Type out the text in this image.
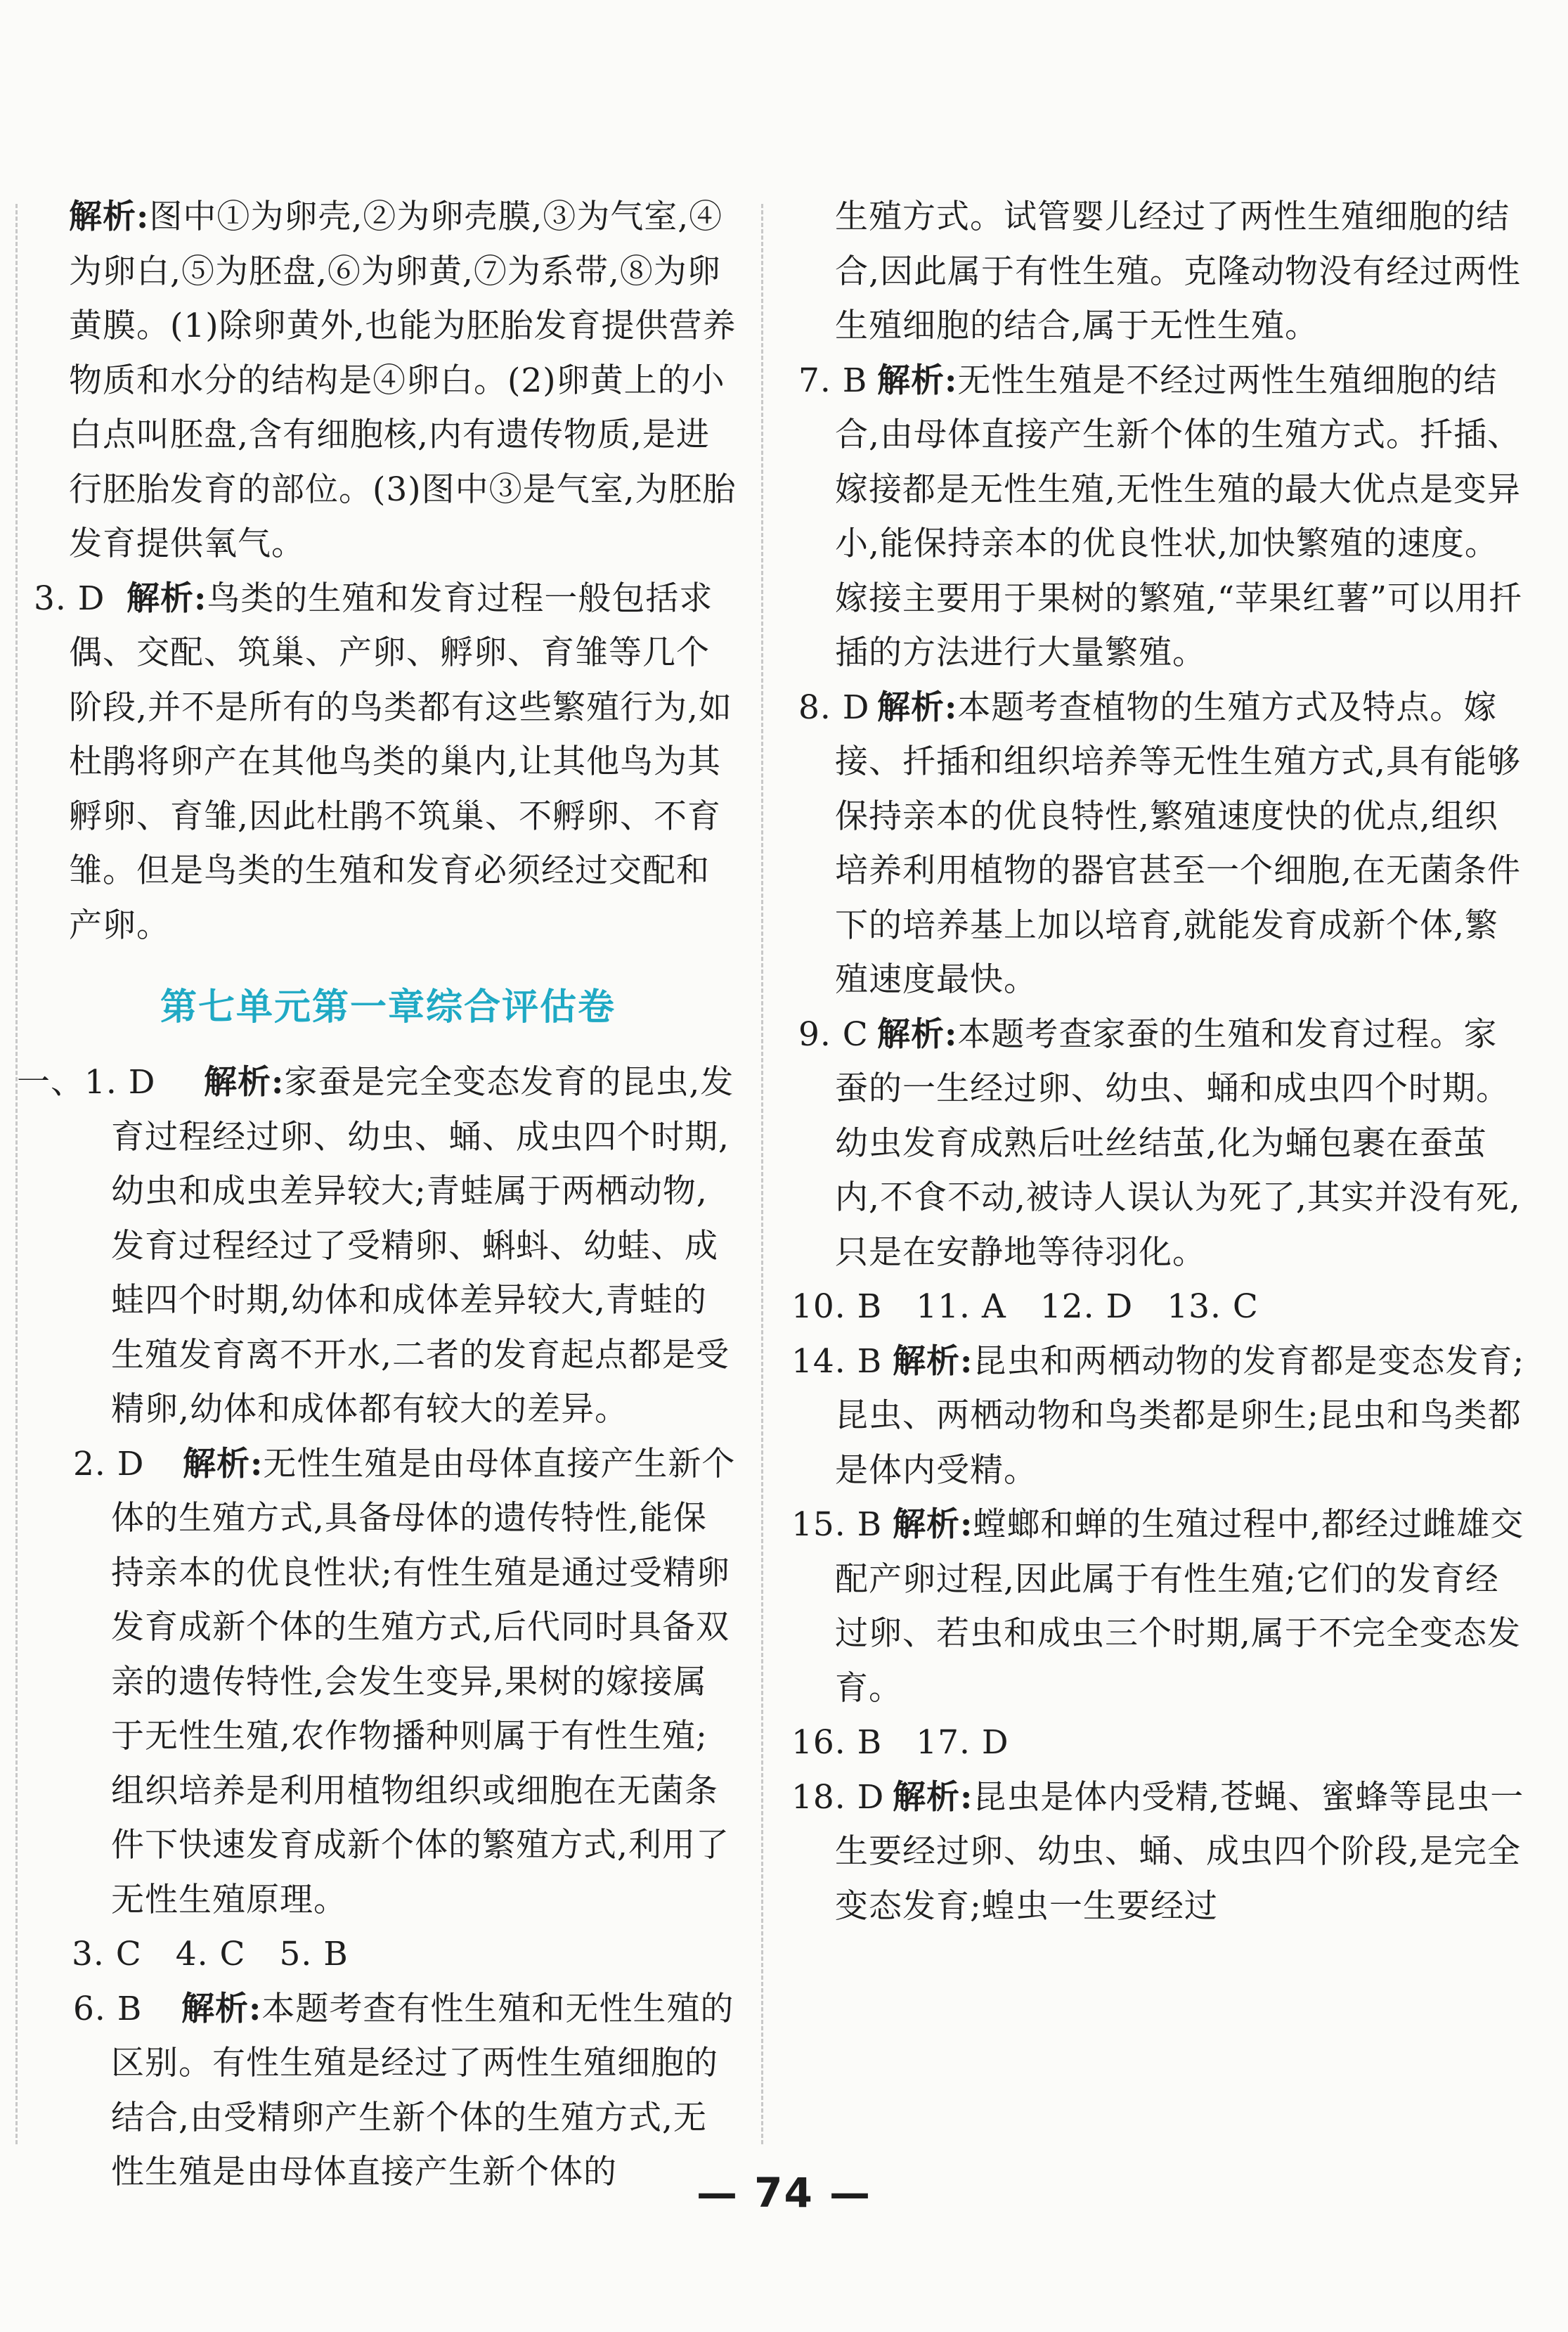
解析:图中①为卵壳,②为卵壳膜,③为气室,④为卵白,⑤为胚盘,⑥为卵黄,⑦为系带,⑧为卵黄膜。(1)除卵黄外,也能为胚胎发育提供营养物质和水分的结构是④卵白。(2)卵黄上的小白点叫胚盘,含有细胞核,内有遗传物质,是进行胚胎发育的部位。(3)图中③是气室,为胚胎发育提供氧气。

3. D 解析:鸟类的生殖和发育过程一般包括求偶、交配、筑巢、产卵、孵卵、育雏等几个阶段,并不是所有的鸟类都有这些繁殖行为,如杜鹃将卵产在其他鸟类的巢内,让其他鸟为其孵卵、育雏,因此杜鹃不筑巢、不孵卵、不育雏。但是鸟类的生殖和发育必须经过交配和产卵。

第七单元第一章综合评估卷
一、1. D	解析:家蚕是完全变态发育的昆虫,发育过程经过卵、幼虫、蛹、成虫四个时期,幼虫和成虫差异较大;青蛙属于两栖动物,发育过程经过了受精卵、蝌蚪、幼蛙、成蛙四个时期,幼体和成体差异较大,青蛙的生殖发育离不开水,二者的发育起点都是受精卵,幼体和成体都有较大的差异。

2. D	解析:无性生殖是由母体直接产生新个体的生殖方式,具备母体的遗传特性,能保持亲本的优良性状;有性生殖是通过受精卵发育成新个体的生殖方式,后代同时具备双亲的遗传特性,会发生变异,果树的嫁接属于无性生殖,农作物播种则属于有性生殖;组织培养是利用植物组织或细胞在无菌条件下快速发育成新个体的繁殖方式,利用了无性生殖原理。

3. C　4. C　5. B

6. B	解析:本题考查有性生殖和无性生殖的区别。有性生殖是经过了两性生殖细胞的结合,由受精卵产生新个体的生殖方式,无性生殖是由母体直接产生新个体的

生殖方式。试管婴儿经过了两性生殖细胞的结合,因此属于有性生殖。克隆动物没有经过两性生殖细胞的结合,属于无性生殖。

7. B 解析:无性生殖是不经过两性生殖细胞的结合,由母体直接产生新个体的生殖方式。扦插、嫁接都是无性生殖,无性生殖的最大优点是变异小,能保持亲本的优良性状,加快繁殖的速度。嫁接主要用于果树的繁殖,“苹果红薯”可以用扦插的方法进行大量繁殖。

8. D 解析:本题考查植物的生殖方式及特点。嫁接、扦插和组织培养等无性生殖方式,具有能够保持亲本的优良特性,繁殖速度快的优点,组织培养利用植物的器官甚至一个细胞,在无菌条件下的培养基上加以培育,就能发育成新个体,繁殖速度最快。

9. C 解析:本题考查家蚕的生殖和发育过程。家蚕的一生经过卵、幼虫、蛹和成虫四个时期。幼虫发育成熟后吐丝结茧,化为蛹包裹在蚕茧内,不食不动,被诗人误认为死了,其实并没有死,只是在安静地等待羽化。

10. B　11. A　12. D　13. C

14. B 解析:昆虫和两栖动物的发育都是变态发育;昆虫、两栖动物和鸟类都是卵生;昆虫和鸟类都是体内受精。

15. B 解析:螳螂和蝉的生殖过程中,都经过雌雄交配产卵过程,因此属于有性生殖;它们的发育经过卵、若虫和成虫三个时期,属于不完全变态发育。

16. B　17. D

18. D 解析:昆虫是体内受精,苍蝇、蜜蜂等昆虫一生要经过卵、幼虫、蛹、成虫四个阶段,是完全变态发育;蝗虫一生要经过

— 74 —
